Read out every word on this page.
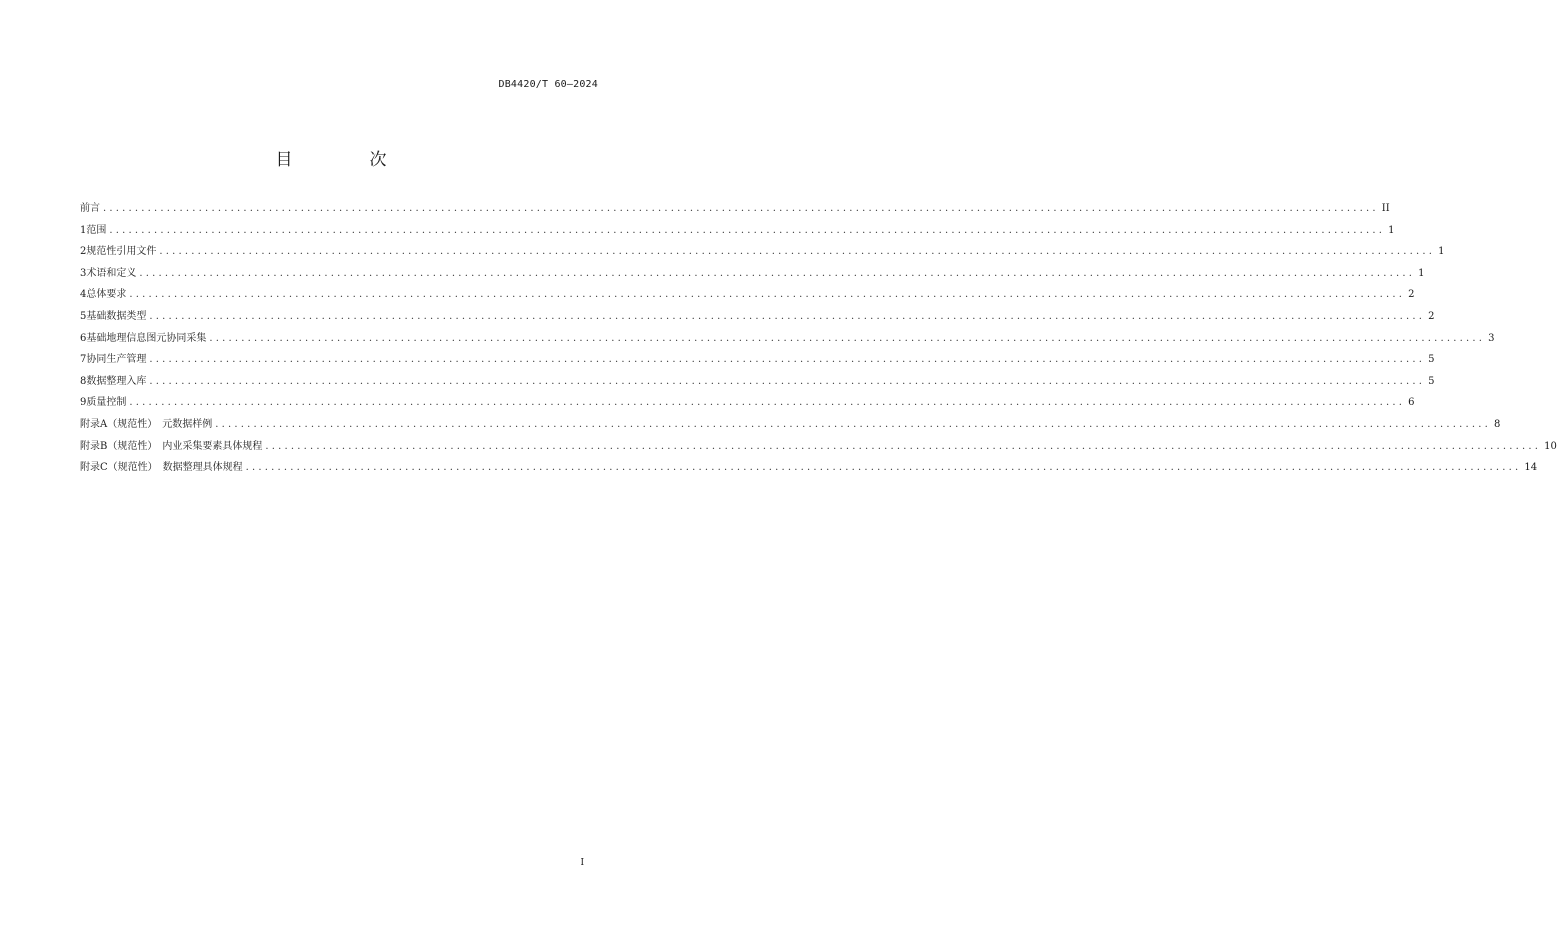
DB4420/T 60—2024
目　次
前言 ........................................................................................................................................................................................................ II
1 范围 ........................................................................................................................................................................................................ 1
2 规范性引用文件 ........................................................................................................................................................................................................ 1
3 术语和定义 ........................................................................................................................................................................................................ 1
4 总体要求 ........................................................................................................................................................................................................ 2
5 基础数据类型 ........................................................................................................................................................................................................ 2
6 基础地理信息图元协同采集 ........................................................................................................................................................................................................ 3
7 协同生产管理 ........................................................................................................................................................................................................ 5
8 数据整理入库 ........................................................................................................................................................................................................ 5
9 质量控制 ........................................................................................................................................................................................................ 6
附录A（规范性）　元数据样例 ........................................................................................................................................................................................................ 8
附录B（规范性）　内业采集要素具体规程 ........................................................................................................................................................................................................ 10
附录C（规范性）　数据整理具体规程 ........................................................................................................................................................................................................ 14
I
